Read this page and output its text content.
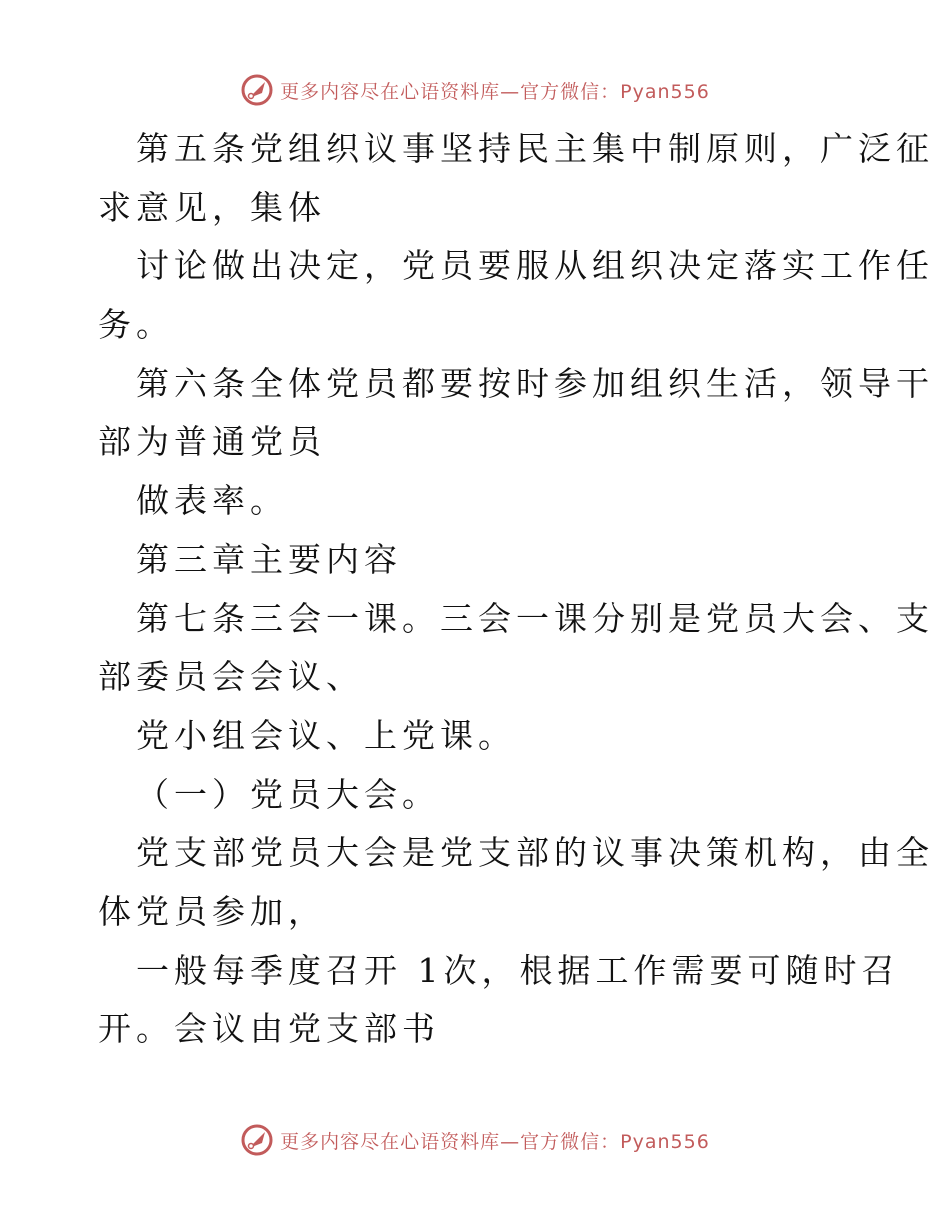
更多内容尽在心语资料库—官方微信：Pyan556
第五条党组织议事坚持民主集中制原则，广泛征
求意见，集体
讨论做出决定，党员要服从组织决定落实工作任
务。
第六条全体党员都要按时参加组织生活，领导干
部为普通党员
做表率。
第三章主要内容
第七条三会一课。三会一课分别是党员大会、支
部委员会会议、
党小组会议、上党课。
（一）党员大会。
党支部党员大会是党支部的议事决策机构，由全
体党员参加，
一般每季度召开 1次，根据工作需要可随时召
开。会议由党支部书
更多内容尽在心语资料库—官方微信：Pyan556
